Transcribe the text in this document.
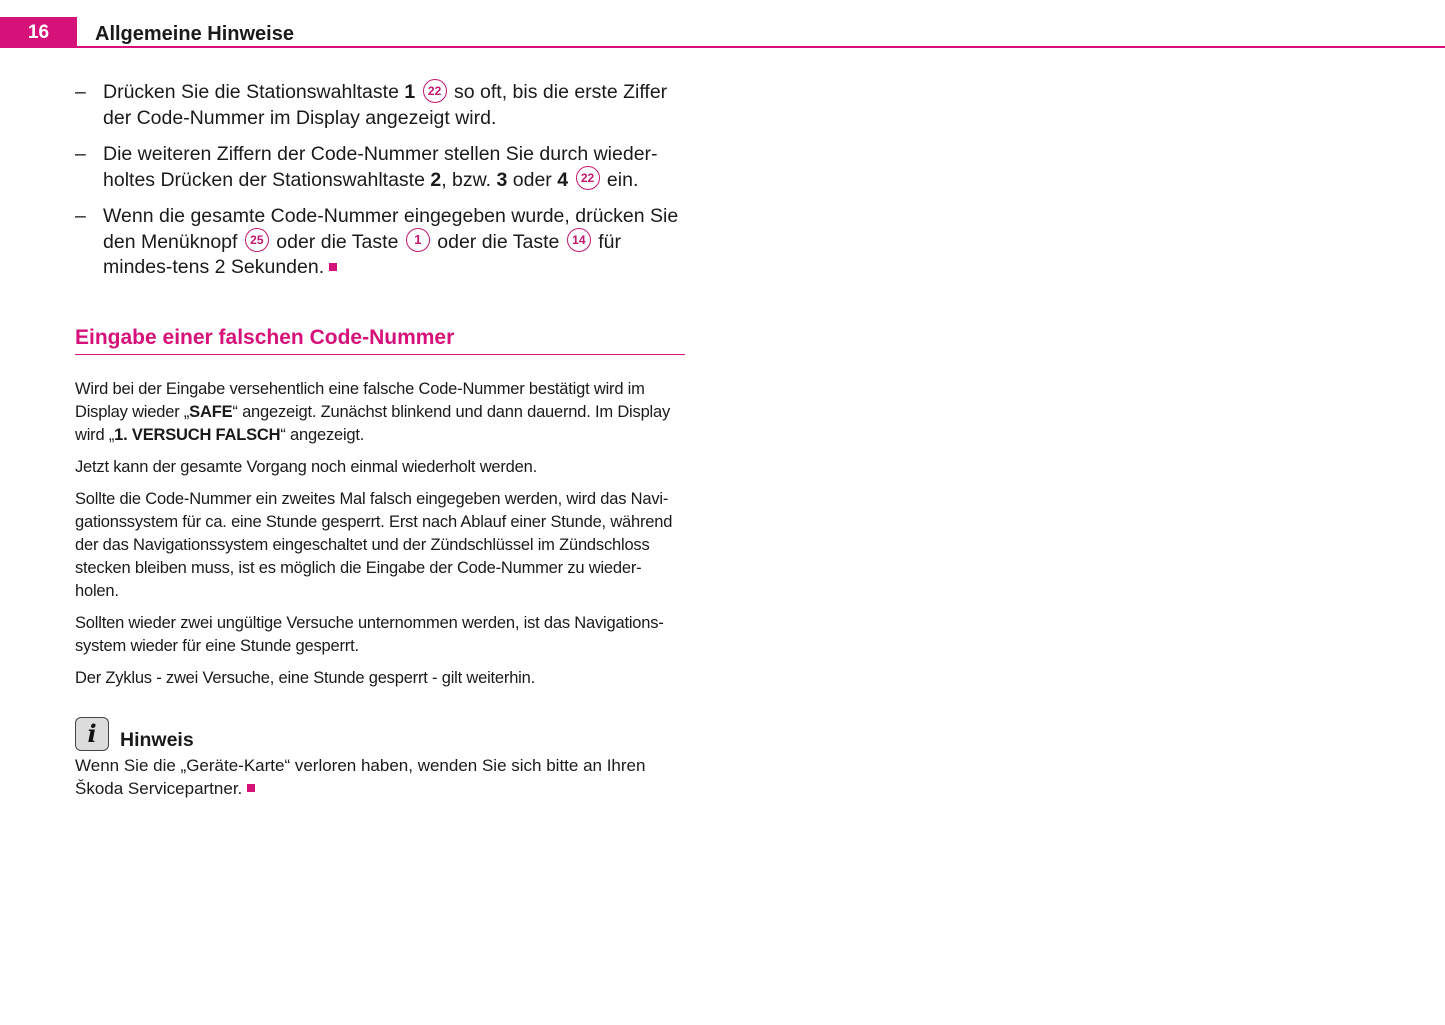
16	Allgemeine Hinweise
– Drücken Sie die Stationswahltaste 1 22 so oft, bis die erste Ziffer der Code-Nummer im Display angezeigt wird.
– Die weiteren Ziffern der Code-Nummer stellen Sie durch wieder-holtes Drücken der Stationswahltaste 2, bzw. 3 oder 4 22 ein.
– Wenn die gesamte Code-Nummer eingegeben wurde, drücken Sie den Menüknopf 25 oder die Taste 1 oder die Taste 14 für mindes-tens 2 Sekunden.
Eingabe einer falschen Code-Nummer

Wird bei der Eingabe versehentlich eine falsche Code-Nummer bestätigt wird im Display wieder „SAFE“ angezeigt. Zunächst blinkend und dann dauernd. Im Display wird „1. VERSUCH FALSCH“ angezeigt.

Jetzt kann der gesamte Vorgang noch einmal wiederholt werden.

Sollte die Code-Nummer ein zweites Mal falsch eingegeben werden, wird das Navi-gationssystem für ca. eine Stunde gesperrt. Erst nach Ablauf einer Stunde, während der das Navigationssystem eingeschaltet und der Zündschlüssel im Zündschloss stecken bleiben muss, ist es möglich die Eingabe der Code-Nummer zu wieder-holen.

Sollten wieder zwei ungültige Versuche unternommen werden, ist das Navigations-system wieder für eine Stunde gesperrt.

Der Zyklus - zwei Versuche, eine Stunde gesperrt - gilt weiterhin.

i	Hinweis
Wenn Sie die „Geräte-Karte“ verloren haben, wenden Sie sich bitte an Ihren Škoda Servicepartner.
